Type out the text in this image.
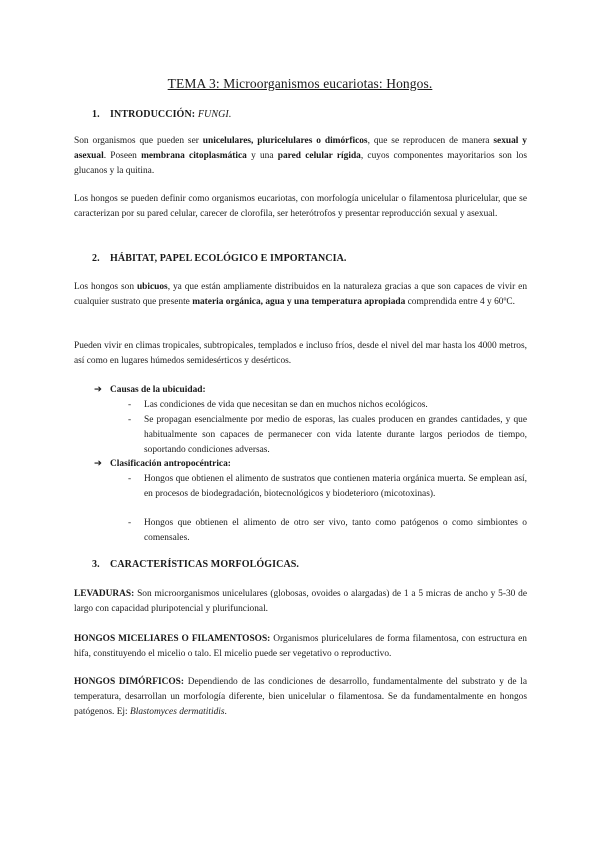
TEMA 3: Microorganismos eucariotas: Hongos.
1. INTRODUCCIÓN: FUNGI.
Son organismos que pueden ser unicelulares, pluricelulares o dimórficos, que se reproducen de manera sexual y asexual. Poseen membrana citoplasmática y una pared celular rígida, cuyos componentes mayoritarios son los glucanos y la quitina.
Los hongos se pueden definir como organismos eucariotas, con morfología unicelular o filamentosa pluricelular, que se caracterizan por su pared celular, carecer de clorofila, ser heterótrofos y presentar reproducción sexual y asexual.
2. HÁBITAT, PAPEL ECOLÓGICO E IMPORTANCIA.
Los hongos son ubicuos, ya que están ampliamente distribuidos en la naturaleza gracias a que son capaces de vivir en cualquier sustrato que presente materia orgánica, agua y una temperatura apropiada comprendida entre 4 y 60ºC.
Pueden vivir en climas tropicales, subtropicales, templados e incluso fríos, desde el nivel del mar hasta los 4000 metros, así como en lugares húmedos semidesérticos y desérticos.
➔ Causas de la ubicuidad:
-	Las condiciones de vida que necesitan se dan en muchos nichos ecológicos.
-	Se propagan esencialmente por medio de esporas, las cuales producen en grandes cantidades, y que habitualmente son capaces de permanecer con vida latente durante largos periodos de tiempo, soportando condiciones adversas.
➔ Clasificación antropocéntrica:
-	Hongos que obtienen el alimento de sustratos que contienen materia orgánica muerta. Se emplean así, en procesos de biodegradación, biotecnológicos y biodeterioro (micotoxinas).
-	Hongos que obtienen el alimento de otro ser vivo, tanto como patógenos o como simbiontes o comensales.
3. CARACTERÍSTICAS MORFOLÓGICAS.
LEVADURAS: Son microorganismos unicelulares (globosas, ovoides o alargadas) de 1 a 5 micras de ancho y 5-30 de largo con capacidad pluripotencial y plurifuncional.
HONGOS MICELIARES O FILAMENTOSOS: Organismos pluricelulares de forma filamentosa, con estructura en hifa, constituyendo el micelio o talo. El micelio puede ser vegetativo o reproductivo.
HONGOS DIMÓRFICOS: Dependiendo de las condiciones de desarrollo, fundamentalmente del substrato y de la temperatura, desarrollan un morfología diferente, bien unicelular o filamentosa. Se da fundamentalmente en hongos patógenos. Ej: Blastomyces dermatitidis.
